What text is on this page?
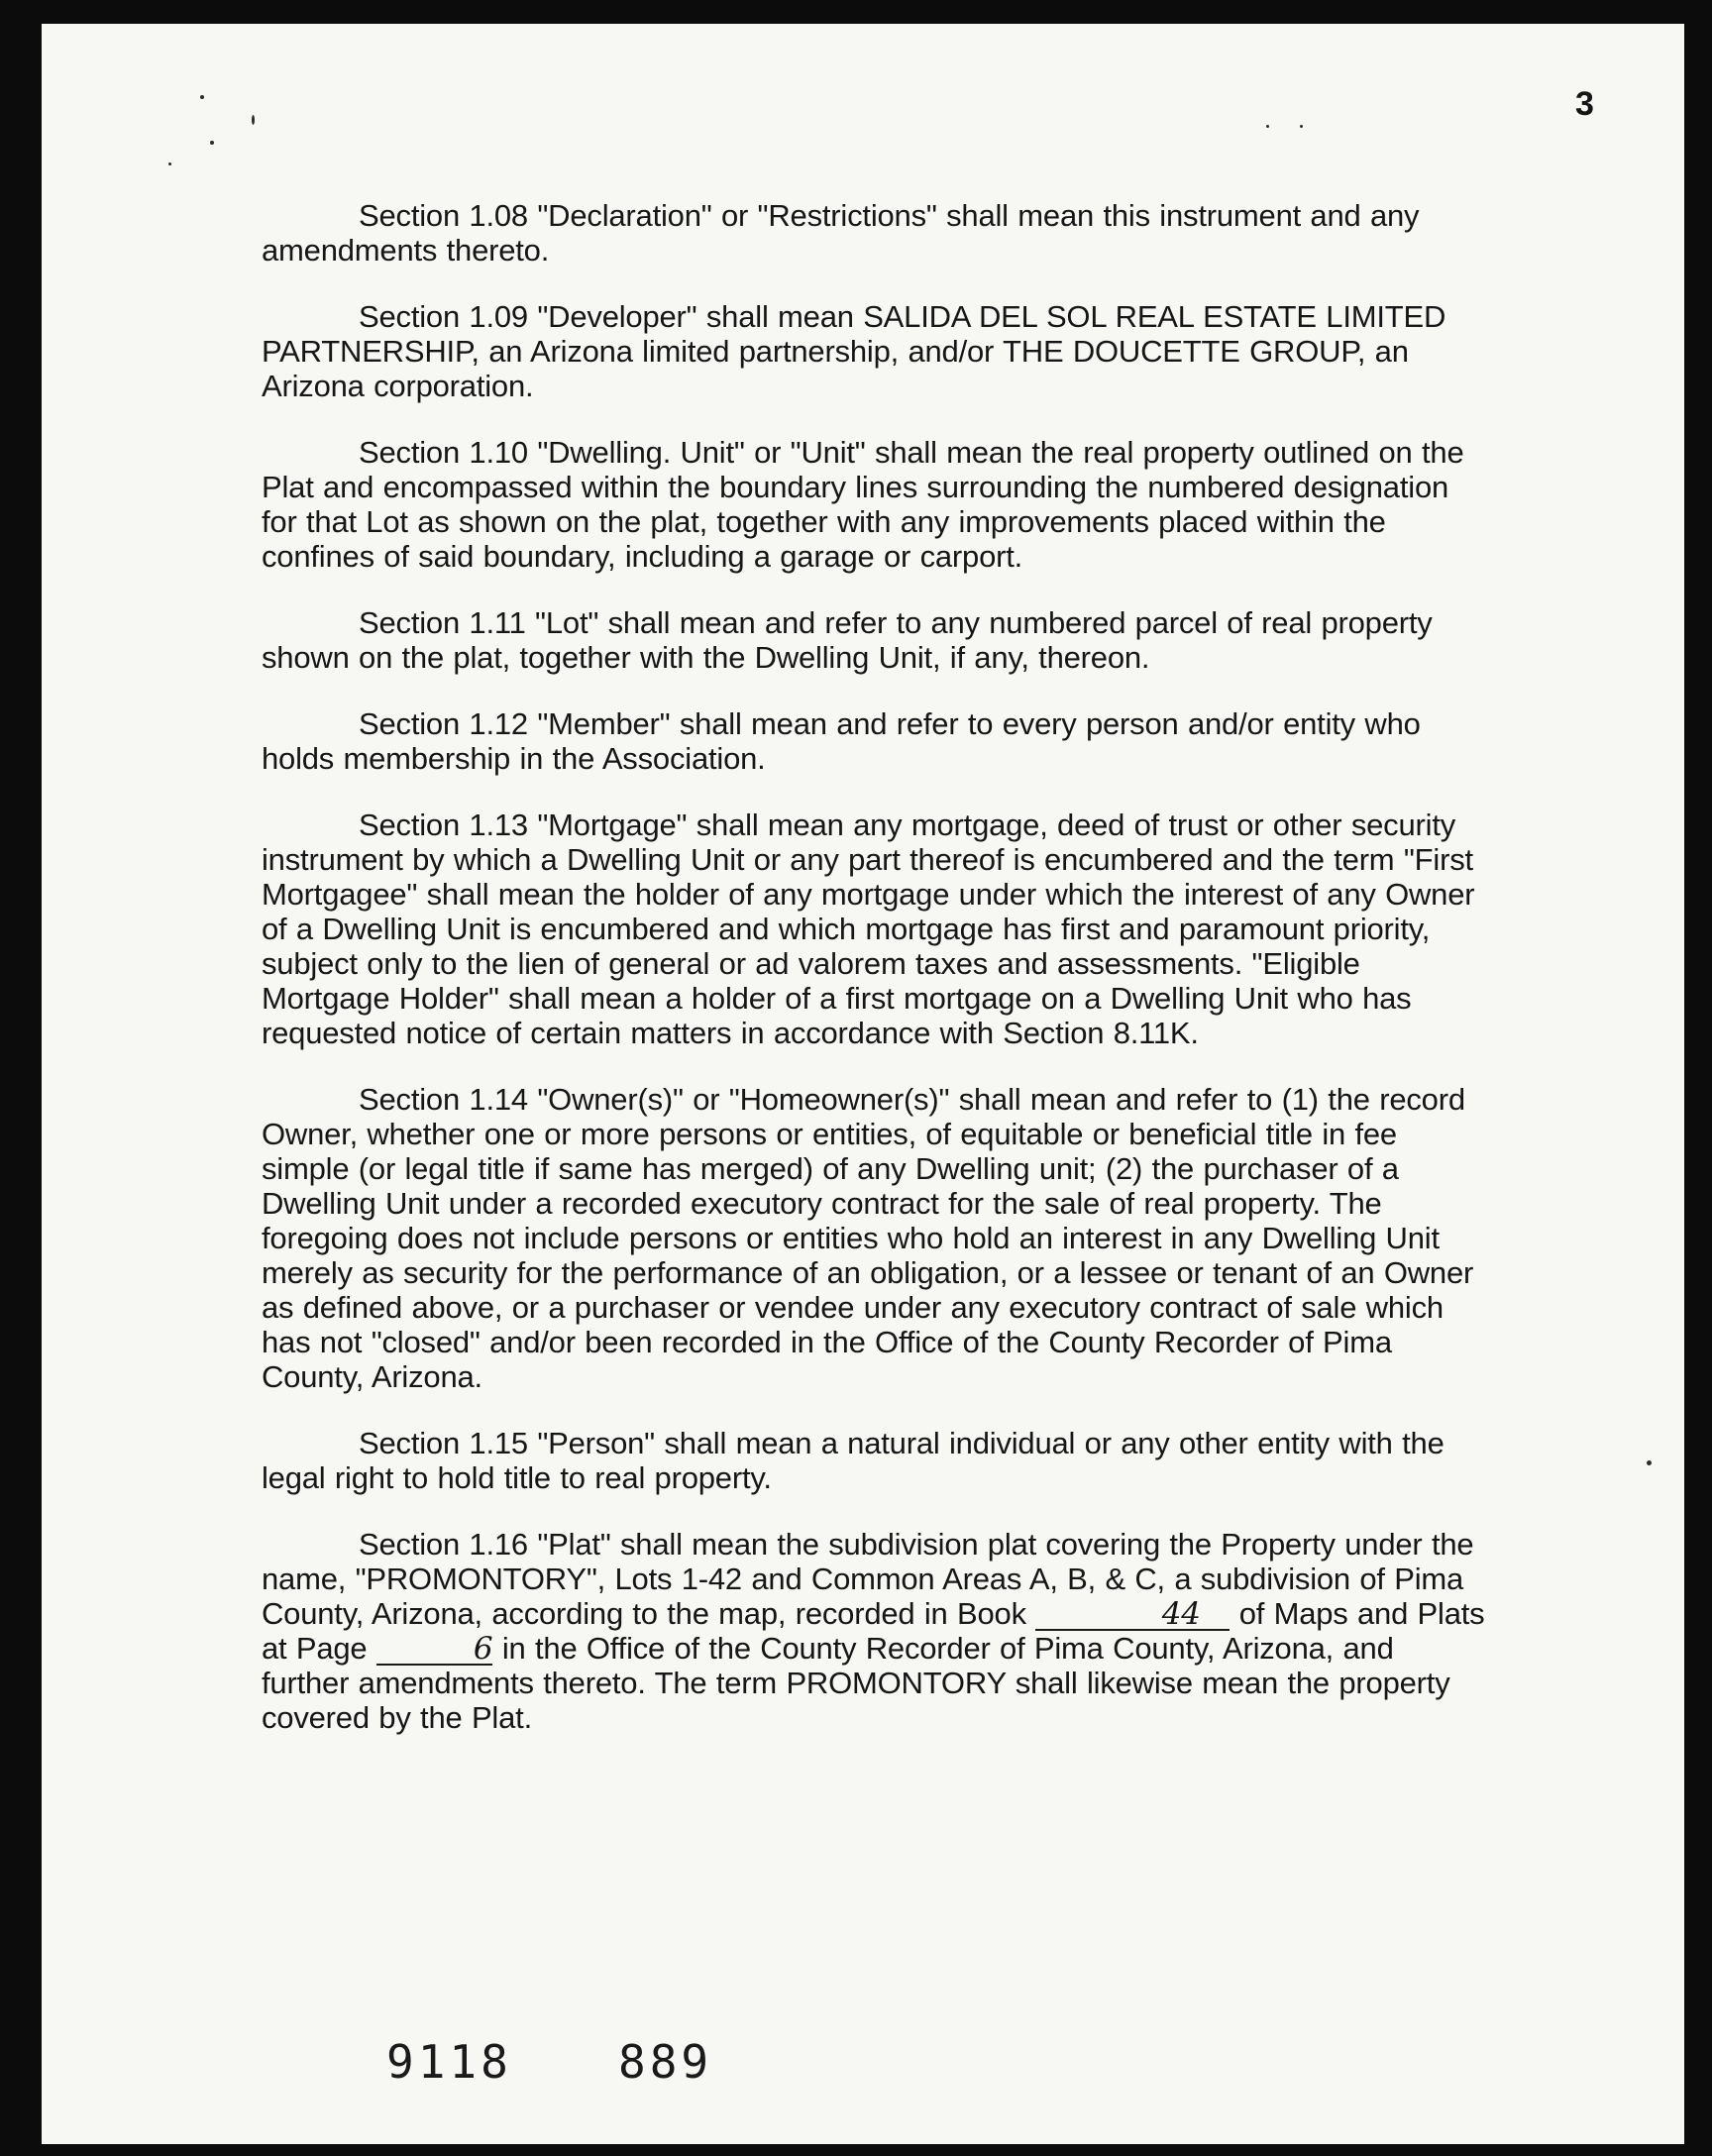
3

Section 1.08 "Declaration" or "Restrictions" shall mean this instrument and any amendments thereto.

Section 1.09 "Developer" shall mean SALIDA DEL SOL REAL ESTATE LIMITED PARTNERSHIP, an Arizona limited partnership, and/or THE DOUCETTE GROUP, an Arizona corporation.

Section 1.10 "Dwelling. Unit" or "Unit" shall mean the real property outlined on the Plat and encompassed within the boundary lines surrounding the numbered designation for that Lot as shown on the plat, together with any improvements placed within the confines of said boundary, including a garage or carport.

Section 1.11 "Lot" shall mean and refer to any numbered parcel of real property shown on the plat, together with the Dwelling Unit, if any, thereon.

Section 1.12 "Member" shall mean and refer to every person and/or entity who holds membership in the Association.

Section 1.13 "Mortgage" shall mean any mortgage, deed of trust or other security instrument by which a Dwelling Unit or any part thereof is encumbered and the term "First Mortgagee" shall mean the holder of any mortgage under which the interest of any Owner of a Dwelling Unit is encumbered and which mortgage has first and paramount priority, subject only to the lien of general or ad valorem taxes and assessments. "Eligible Mortgage Holder" shall mean a holder of a first mortgage on a Dwelling Unit who has requested notice of certain matters in accordance with Section 8.11K.

Section 1.14 "Owner(s)" or "Homeowner(s)" shall mean and refer to (1) the record Owner, whether one or more persons or entities, of equitable or beneficial title in fee simple (or legal title if same has merged) of any Dwelling unit; (2) the purchaser of a Dwelling Unit under a recorded executory contract for the sale of real property. The foregoing does not include persons or entities who hold an interest in any Dwelling Unit merely as security for the performance of an obligation, or a lessee or tenant of an Owner as defined above, or a purchaser or vendee under any executory contract of sale which has not "closed" and/or been recorded in the Office of the County Recorder of Pima County, Arizona.

Section 1.15 "Person" shall mean a natural individual or any other entity with the legal right to hold title to real property.

Section 1.16 "Plat" shall mean the subdivision plat covering the Property under the name, "PROMONTORY", Lots 1-42 and Common Areas A, B, & C, a subdivision of Pima County, Arizona, according to the map, recorded in Book	44 of Maps and Plats at Page	6 in the Office of the County Recorder of Pima County, Arizona, and further amendments thereto. The term PROMONTORY shall likewise mean the property covered by the Plat.

9118 889
